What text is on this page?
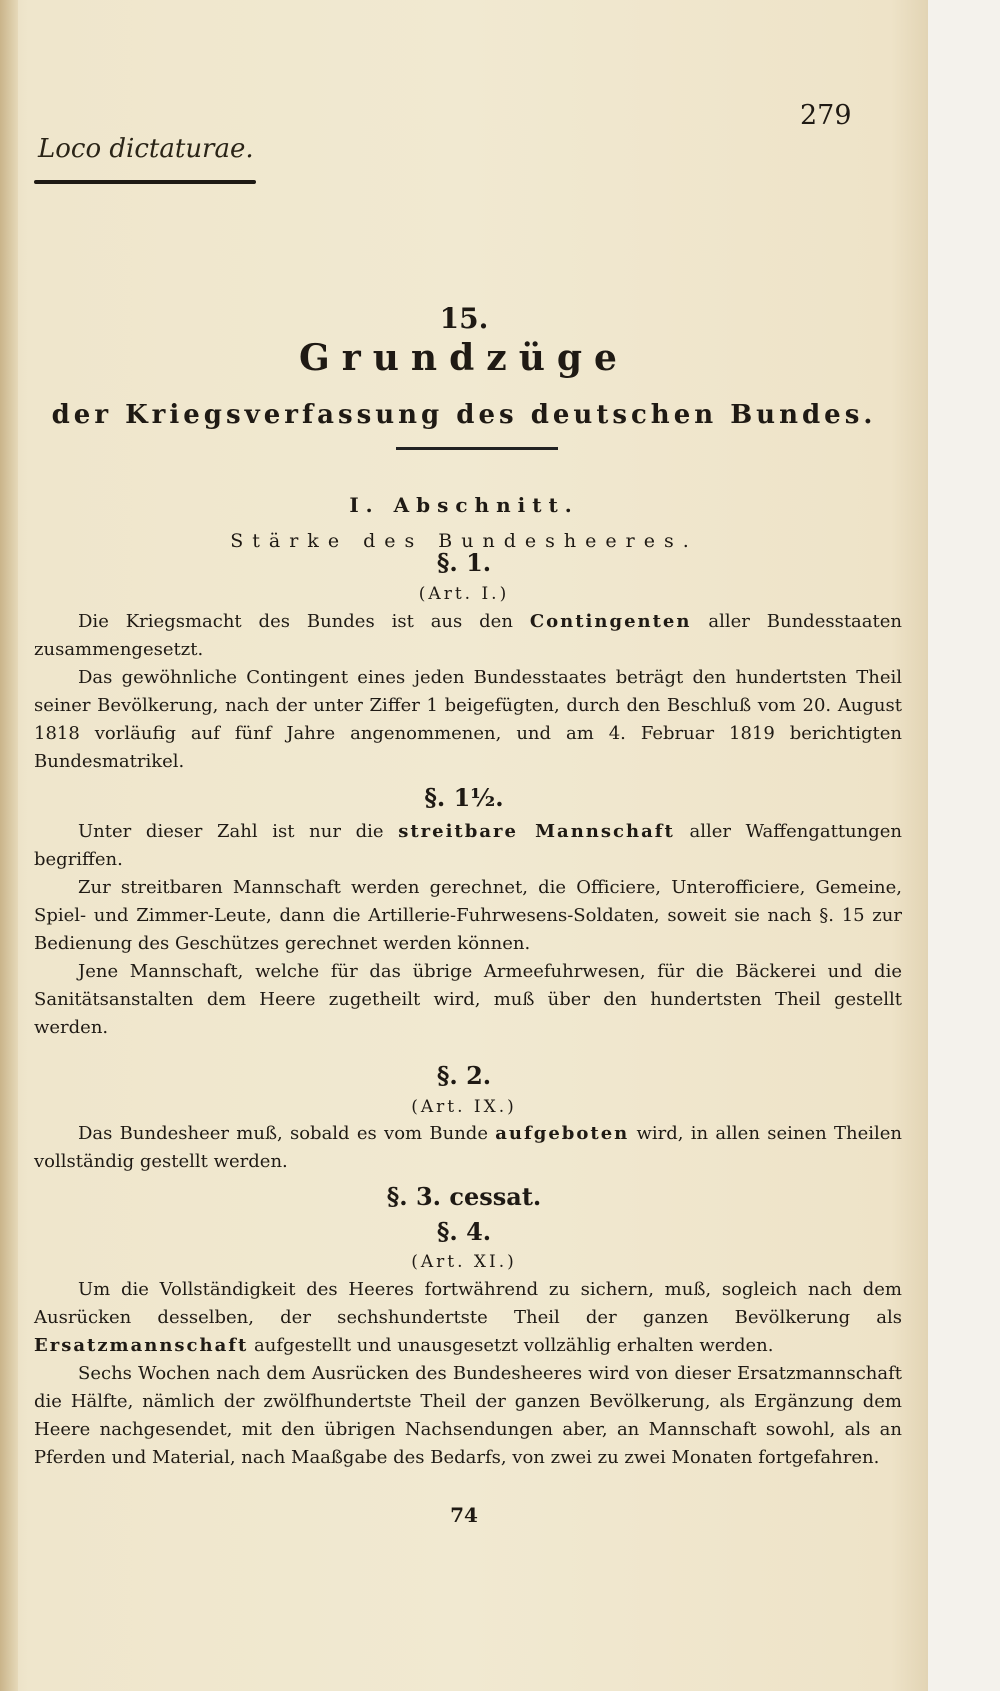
Loco dictaturae.
279
15.
Grundzüge
der Kriegsverfassung des deutschen Bundes.
I. Abschnitt.
Stärke des Bundesheeres.
§. 1.
(Art. I.)

Die Kriegsmacht des Bundes ist aus den Contingenten aller Bundesstaaten zusammengesetzt.

Das gewöhnliche Contingent eines jeden Bundesstaates beträgt den hundertsten Theil seiner Bevölkerung, nach der unter Ziffer 1 beigefügten, durch den Beschluß vom 20. August 1818 vorläufig auf fünf Jahre angenommenen, und am 4. Februar 1819 berichtigten Bundesmatrikel.

§. 1½.

Unter dieser Zahl ist nur die streitbare Mannschaft aller Waffengattungen begriffen.

Zur streitbaren Mannschaft werden gerechnet, die Officiere, Unterofficiere, Gemeine, Spiel- und Zimmer-Leute, dann die Artillerie-Fuhrwesens-Soldaten, soweit sie nach §. 15 zur Bedienung des Geschützes gerechnet werden können.

Jene Mannschaft, welche für das übrige Armeefuhrwesen, für die Bäckerei und die Sanitätsanstalten dem Heere zugetheilt wird, muß über den hundertsten Theil gestellt werden.

§. 2.
(Art. IX.)

Das Bundesheer muß, sobald es vom Bunde aufgeboten wird, in allen seinen Theilen vollständig gestellt werden.

§. 3. cessat.
§. 4.
(Art. XI.)

Um die Vollständigkeit des Heeres fortwährend zu sichern, muß, sogleich nach dem Ausrücken desselben, der sechshundertste Theil der ganzen Bevölkerung als Ersatzmannschaft aufgestellt und unausgesetzt vollzählig erhalten werden.

Sechs Wochen nach dem Ausrücken des Bundesheeres wird von dieser Ersatzmannschaft die Hälfte, nämlich der zwölfhundertste Theil der ganzen Bevölkerung, als Ergänzung dem Heere nachgesendet, mit den übrigen Nachsendungen aber, an Mannschaft sowohl, als an Pferden und Material, nach Maaßgabe des Bedarfs, von zwei zu zwei Monaten fortgefahren.

74
